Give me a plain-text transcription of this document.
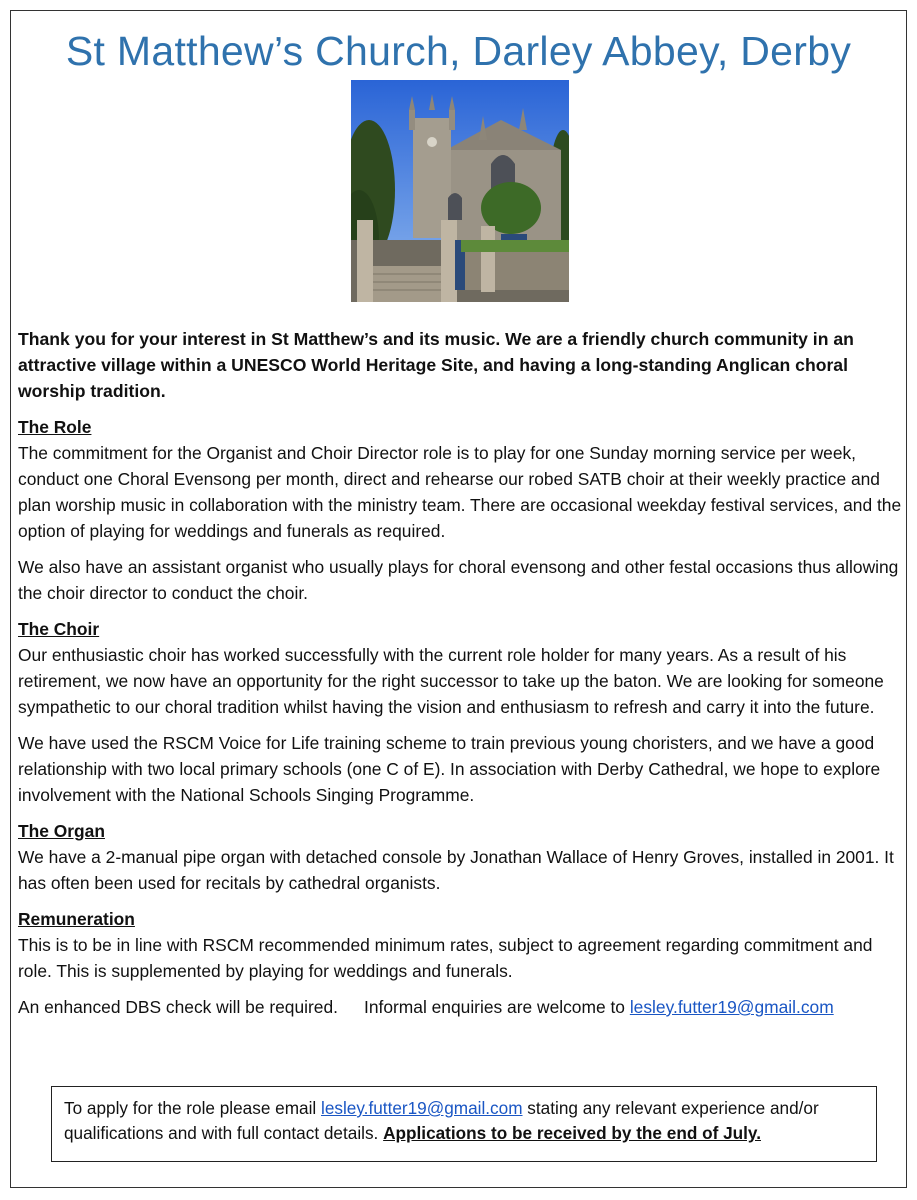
St Matthew’s Church, Darley Abbey, Derby

Thank you for your interest in St Matthew’s and its music. We are a friendly church community in an attractive village within a UNESCO World Heritage Site, and having a long-standing Anglican choral worship tradition.

The Role

The commitment for the Organist and Choir Director role is to play for one Sunday morning service per week, conduct one Choral Evensong per month, direct and rehearse our robed SATB choir at their weekly practice and plan worship music in collaboration with the ministry team. There are occasional weekday festival services, and the option of playing for weddings and funerals as required.

We also have an assistant organist who usually plays for choral evensong and other festal occasions thus allowing the choir director to conduct the choir.

The Choir

Our enthusiastic choir has worked successfully with the current role holder for many years. As a result of his retirement, we now have an opportunity for the right successor to take up the baton. We are looking for someone sympathetic to our choral tradition whilst having the vision and enthusiasm to refresh and carry it into the future.

We have used the RSCM Voice for Life training scheme to train previous young choristers, and we have a good relationship with two local primary schools (one C of E). In association with Derby Cathedral, we hope to explore involvement with the National Schools Singing Programme.

The Organ

We have a 2-manual pipe organ with detached console by Jonathan Wallace of Henry Groves, installed in 2001. It has often been used for recitals by cathedral organists.

Remuneration

This is to be in line with RSCM recommended minimum rates, subject to agreement regarding commitment and role. This is supplemented by playing for weddings and funerals.

An enhanced DBS check will be required. Informal enquiries are welcome to lesley.futter19@gmail.com

To apply for the role please email lesley.futter19@gmail.com stating any relevant experience and/or qualifications and with full contact details. Applications to be received by the end of July.
